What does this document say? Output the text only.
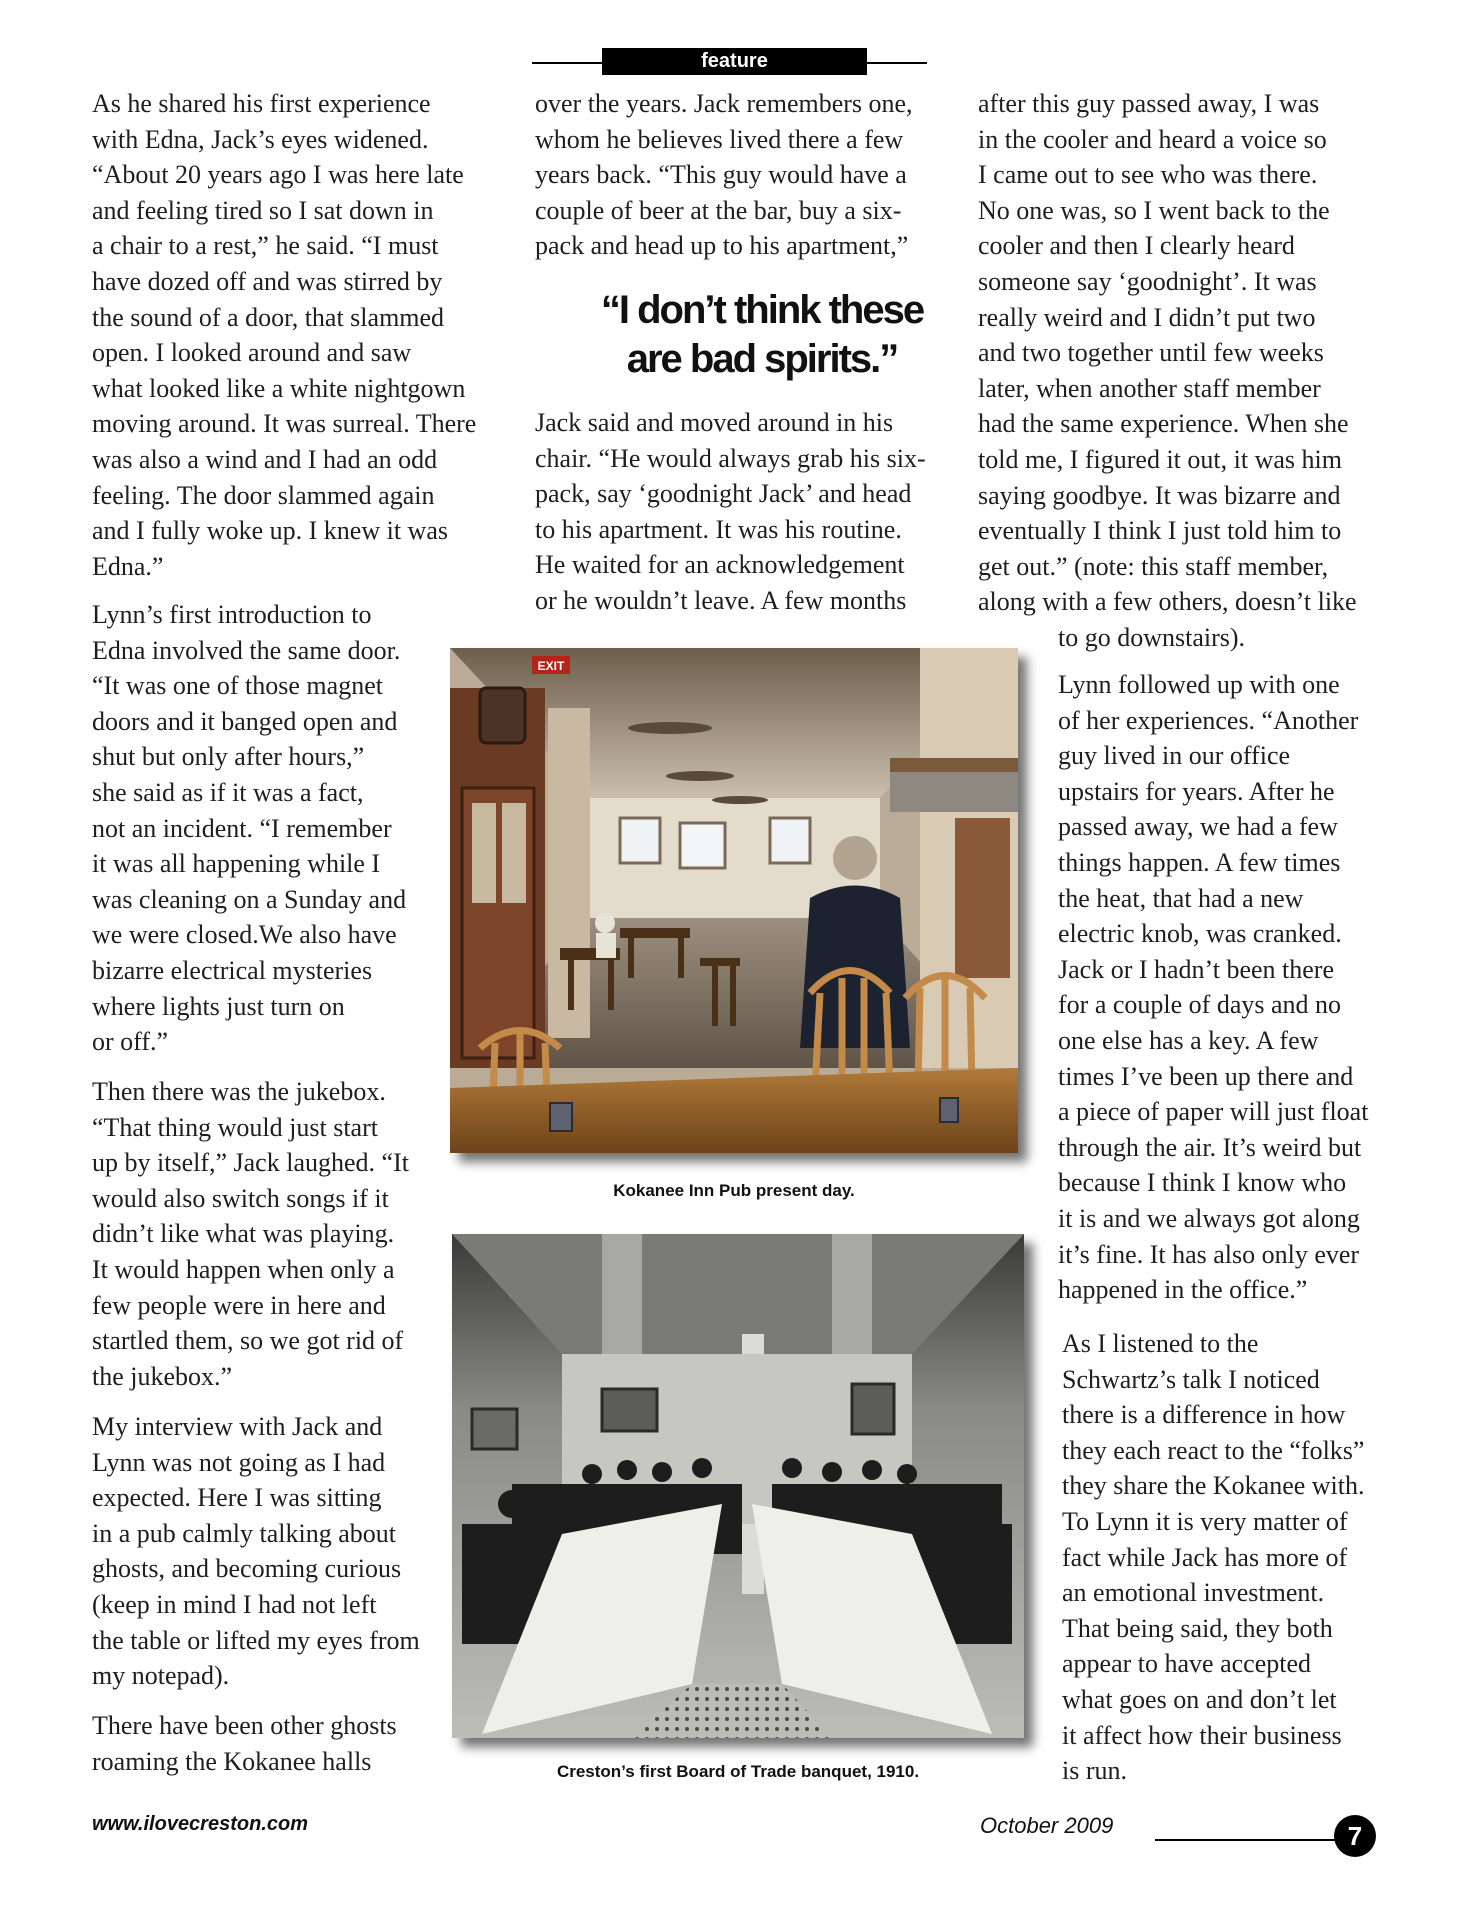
feature
As he shared his first experience
with Edna, Jack’s eyes widened.
“About 20 years ago I was here late
and feeling tired so I sat down in
a chair to a rest,” he said. “I must
have dozed off and was stirred by
the sound of a door, that slammed
open. I looked around and saw
what looked like a white nightgown
moving around. It was surreal. There
was also a wind and I had an odd
feeling. The door slammed again
and I fully woke up. I knew it was
Edna.”
Lynn’s first introduction to
Edna involved the same door.
“It was one of those magnet
doors and it banged open and
shut but only after hours,”
she said as if it was a fact,
not an incident. “I remember
it was all happening while I
was cleaning on a Sunday and
we were closed.We also have
bizarre electrical mysteries
where lights just turn on
or off.”
Then there was the jukebox.
“That thing would just start
up by itself,” Jack laughed. “It
would also switch songs if it
didn’t like what was playing.
It would happen when only a
few people were in here and
startled them, so we got rid of
the jukebox.”
My interview with Jack and
Lynn was not going as I had
expected. Here I was sitting
in a pub calmly talking about
ghosts, and becoming curious
(keep in mind I had not left
the table or lifted my eyes from
my notepad).
There have been other ghosts
roaming the Kokanee halls
over the years. Jack remembers one,
whom he believes lived there a few
years back. “This guy would have a
couple of beer at the bar, buy a six-
pack and head up to his apartment,”
“I don’t think these
are bad spirits.”
Jack said and moved around in his
chair. “He would always grab his six-
pack, say ‘goodnight Jack’ and head
to his apartment. It was his routine.
He waited for an acknowledgement
or he wouldn’t leave. A few months
after this guy passed away, I was
in the cooler and heard a voice so
I came out to see who was there.
No one was, so I went back to the
cooler and then I clearly heard
someone say ‘goodnight’. It was
really weird and I didn’t put two
and two together until few weeks
later, when another staff member
had the same experience. When she
told me, I figured it out, it was him
saying goodbye. It was bizarre and
eventually I think I just told him to
get out.” (note: this staff member,
along with a few others, doesn’t like
to go downstairs).
Lynn followed up with one
of her experiences. “Another
guy lived in our office
upstairs for years. After he
passed away, we had a few
things happen. A few times
the heat, that had a new
electric knob, was cranked.
Jack or I hadn’t been there
for a couple of days and no
one else has a key. A few
times I’ve been up there and
a piece of paper will just float
through the air. It’s weird but
because I think I know who
it is and we always got along
it’s fine. It has also only ever
happened in the office.”
As I listened to the
Schwartz’s talk I noticed
there is a difference in how
they each react to the “folks”
they share the Kokanee with.
To Lynn it is very matter of
fact while Jack has more of
an emotional investment.
That being said, they both
appear to have accepted
what goes on and don’t let
it affect how their business
is run.
EXIT
Kokanee Inn Pub present day.
Creston’s first Board of Trade banquet, 1910.
www.ilovecreston.com	October 2009	7
